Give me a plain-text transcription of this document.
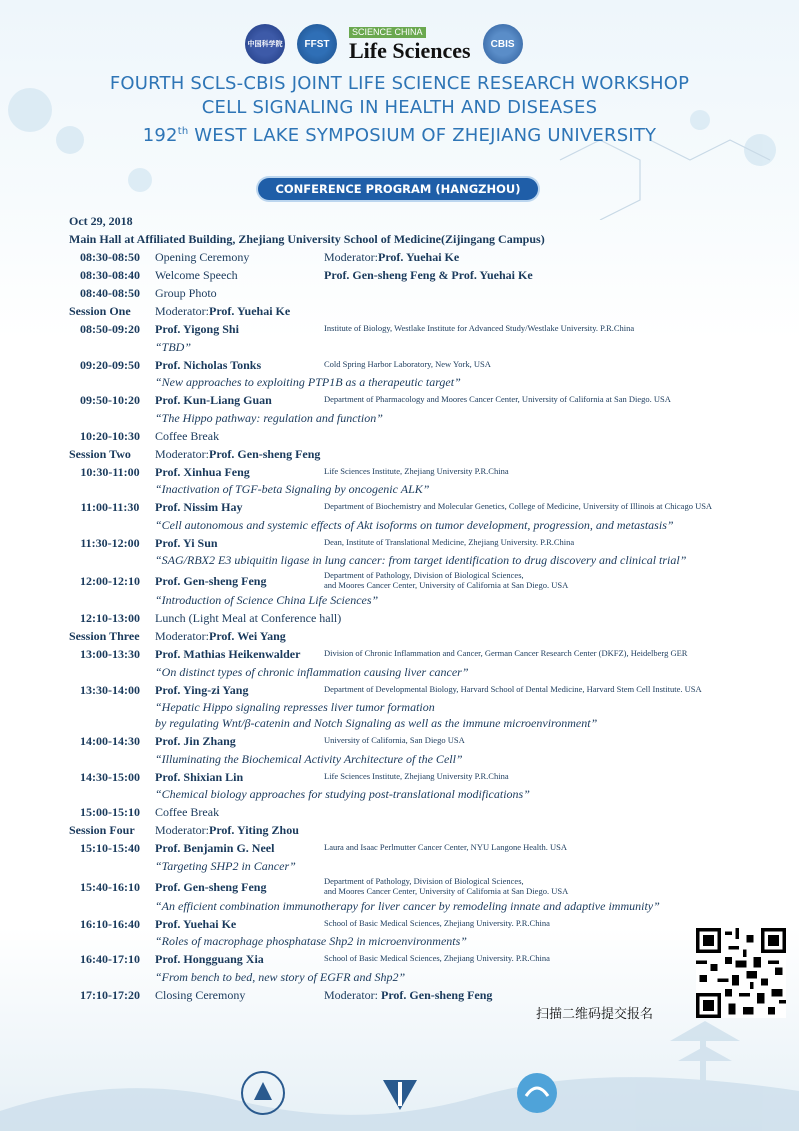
中国科学院 FFST
SCIENCE CHINA
Life Sciences CBIS
FOURTH SCLS-CBIS JOINT LIFE SCIENCE RESEARCH WORKSHOP
CELL SIGNALING IN HEALTH AND DISEASES
192th WEST LAKE SYMPOSIUM OF ZHEJIANG UNIVERSITY
CONFERENCE PROGRAM (HANGZHOU)
Oct 29, 2018
Main Hall at Affiliated Building, Zhejiang University School of Medicine(Zijingang Campus)
08:30-08:50	Opening Ceremony	Moderator:Prof. Yuehai Ke
08:30-08:40	Welcome Speech	Prof. Gen-sheng Feng & Prof. Yuehai Ke
08:40-08:50	Group Photo
Session One	Moderator:Prof. Yuehai Ke
08:50-09:20	Prof. Yigong Shi	Institute of Biology, Westlake Institute for Advanced Study/Westlake University. P.R.China
“TBD”
09:20-09:50	Prof. Nicholas Tonks	Cold Spring Harbor Laboratory, New York, USA
“New approaches to exploiting PTP1B as a therapeutic target”
09:50-10:20	Prof. Kun-Liang Guan	Department of Pharmacology and Moores Cancer Center, University of California at San Diego. USA
“The Hippo pathway: regulation and function”
10:20-10:30	Coffee Break
Session Two	Moderator:Prof. Gen-sheng Feng
10:30-11:00	Prof. Xinhua Feng	Life Sciences Institute, Zhejiang University P.R.China
“Inactivation of TGF-beta Signaling by oncogenic ALK”
11:00-11:30	Prof. Nissim Hay	Department of Biochemistry and Molecular Genetics, College of Medicine, University of Illinois at Chicago USA
“Cell autonomous and systemic effects of Akt isoforms on tumor development, progression, and metastasis”
11:30-12:00	Prof. Yi Sun	Dean, Institute of Translational Medicine, Zhejiang University. P.R.China
“SAG/RBX2 E3 ubiquitin ligase in lung cancer: from target identification to drug discovery and clinical trial”
12:00-12:10	Prof. Gen-sheng Feng	Department of Pathology, Division of Biological Sciences,
and Moores Cancer Center, University of California at San Diego. USA
“Introduction of Science China Life Sciences”
12:10-13:00	Lunch (Light Meal at Conference hall)
Session Three	Moderator:Prof. Wei Yang
13:00-13:30	Prof. Mathias Heikenwalder	Division of Chronic Inflammation and Cancer, German Cancer Research Center (DKFZ), Heidelberg GER
“On distinct types of chronic inflammation causing liver cancer”
13:30-14:00	Prof. Ying-zi Yang	Department of Developmental Biology, Harvard School of Dental Medicine, Harvard Stem Cell Institute. USA
“Hepatic Hippo signaling represses liver tumor formation
by regulating Wnt/β-catenin and Notch Signaling as well as the immune microenvironment”
14:00-14:30	Prof. Jin Zhang	University of California, San Diego USA
“Illuminating the Biochemical Activity Architecture of the Cell”
14:30-15:00	Prof. Shixian Lin	Life Sciences Institute, Zhejiang University P.R.China
“Chemical biology approaches for studying post-translational modifications”
15:00-15:10	Coffee Break
Session Four	Moderator:Prof. Yiting Zhou
15:10-15:40	Prof. Benjamin G. Neel	Laura and Isaac Perlmutter Cancer Center, NYU Langone Health. USA
“Targeting SHP2 in Cancer”
15:40-16:10	Prof. Gen-sheng Feng	Department of Pathology, Division of Biological Sciences,
and Moores Cancer Center, University of California at San Diego. USA
“An efficient combination immunotherapy for liver cancer by remodeling innate and adaptive immunity”
16:10-16:40	Prof. Yuehai Ke	School of Basic Medical Sciences, Zhejiang University. P.R.China
“Roles of macrophage phosphatase Shp2 in microenvironments”
16:40-17:10	Prof. Hongguang Xia	School of Basic Medical Sciences, Zhejiang University. P.R.China
“From bench to bed, new story of EGFR and Shp2”
17:10-17:20	Closing Ceremony	Moderator: Prof. Gen-sheng Feng
扫描二维码提交报名
